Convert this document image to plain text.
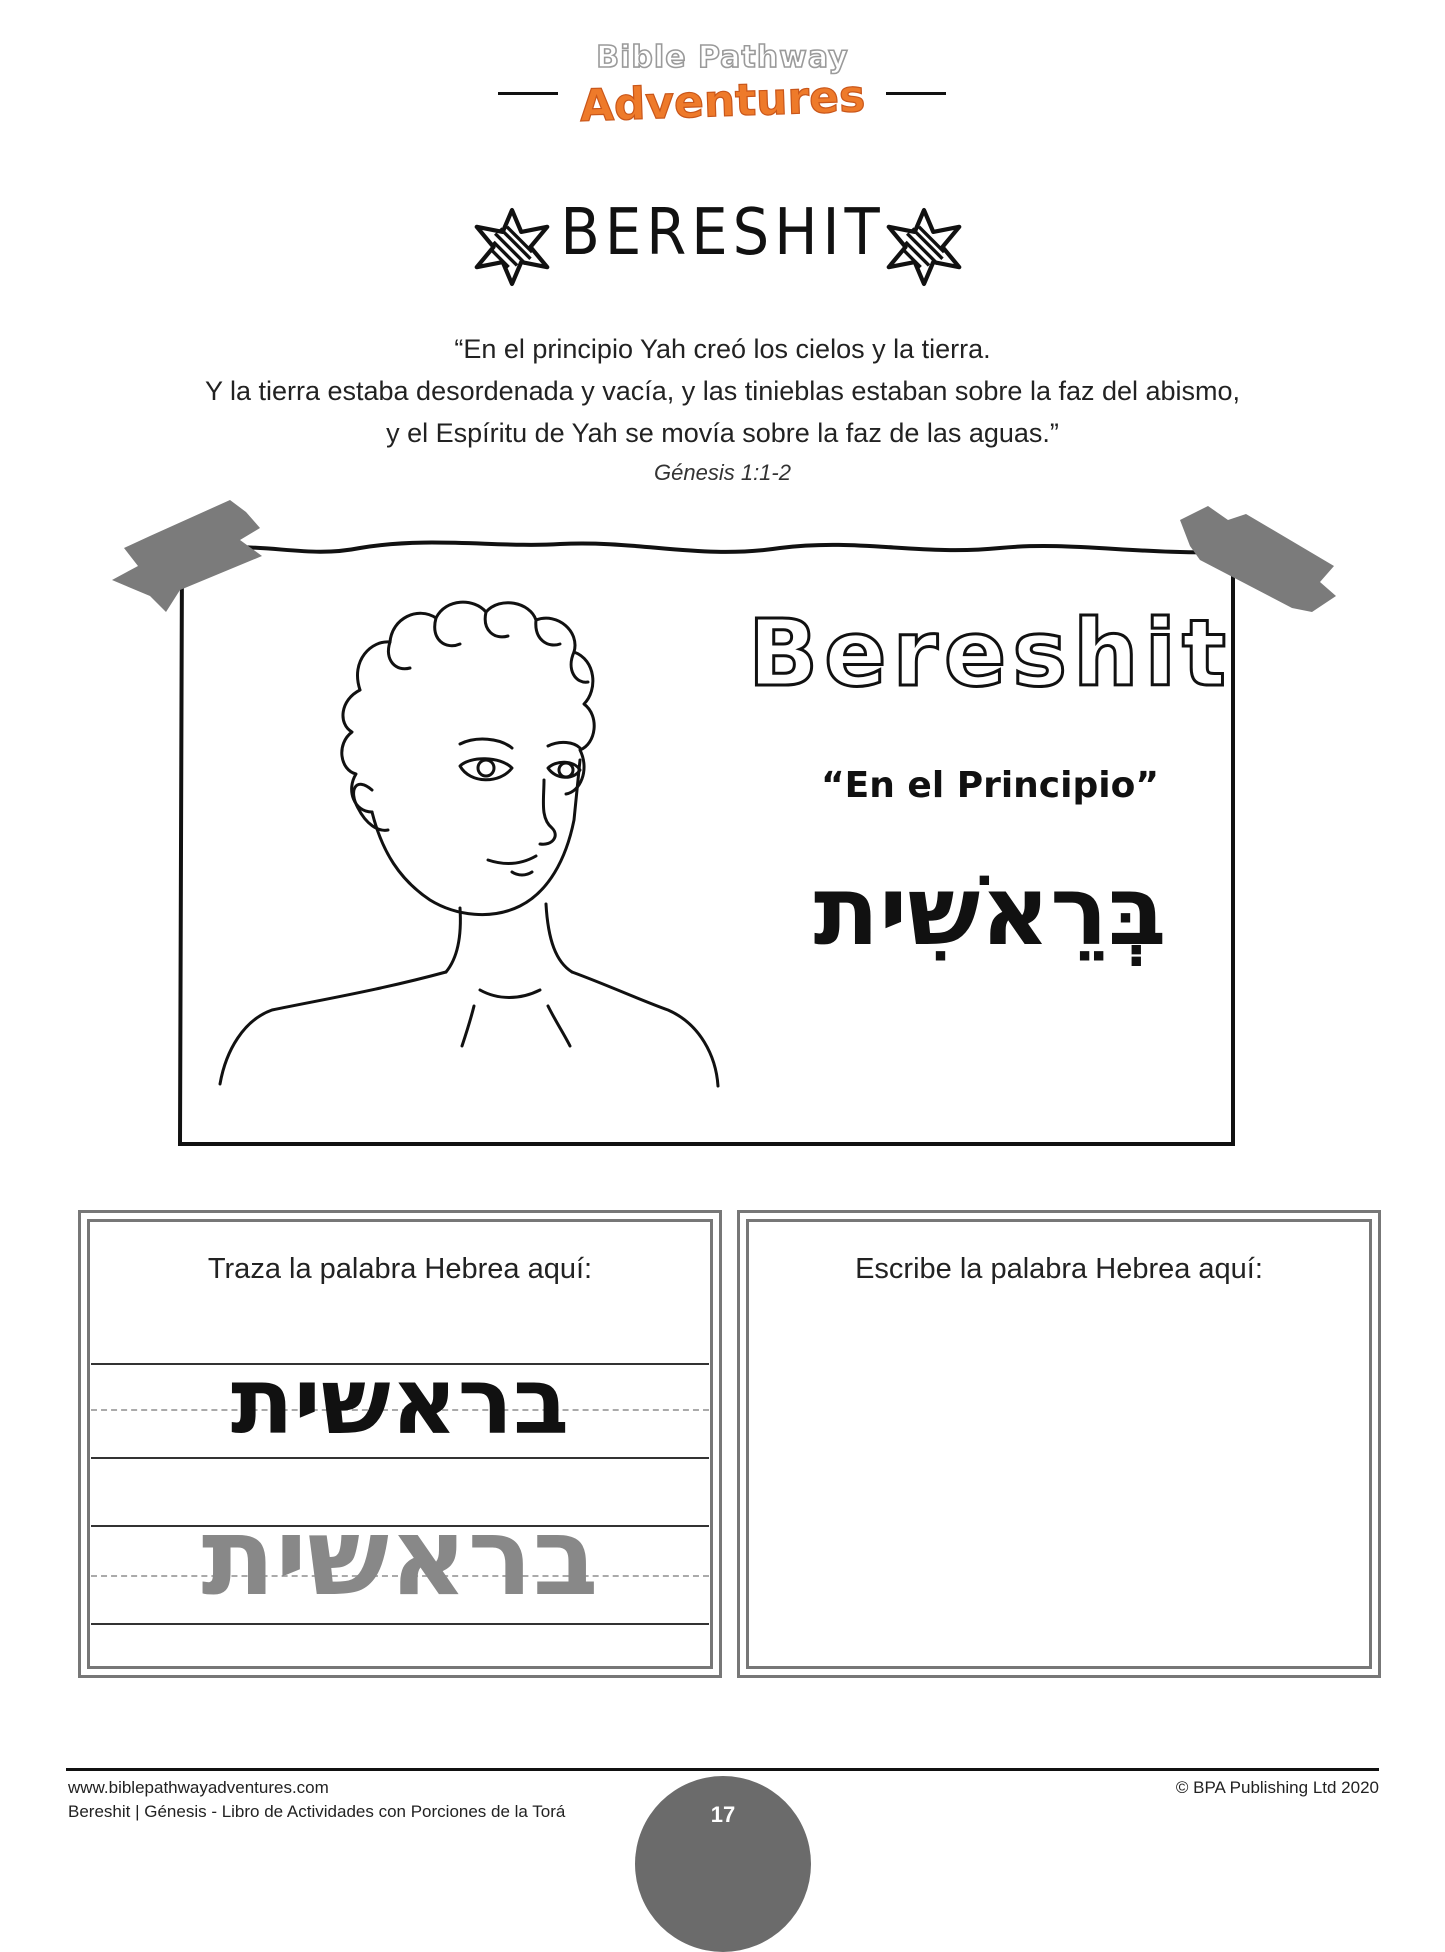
Bible Pathway
Adventures
BERESHIT
“En el principio Yah creó los cielos y la tierra.
Y la tierra estaba desordenada y vacía, y las tinieblas estaban sobre la faz del abismo,
y el Espíritu de Yah se movía sobre la faz de las aguas.”
Génesis 1:1-2
Bereshit
“En el Principio”
בְּרֵאשִׁית
Traza la palabra Hebrea aquí:
בראשית
בראשית
Escribe la palabra Hebrea aquí:
www.biblepathwayadventures.com
Bereshit | Génesis - Libro de Actividades con Porciones de la Torá
© BPA Publishing Ltd 2020
17
